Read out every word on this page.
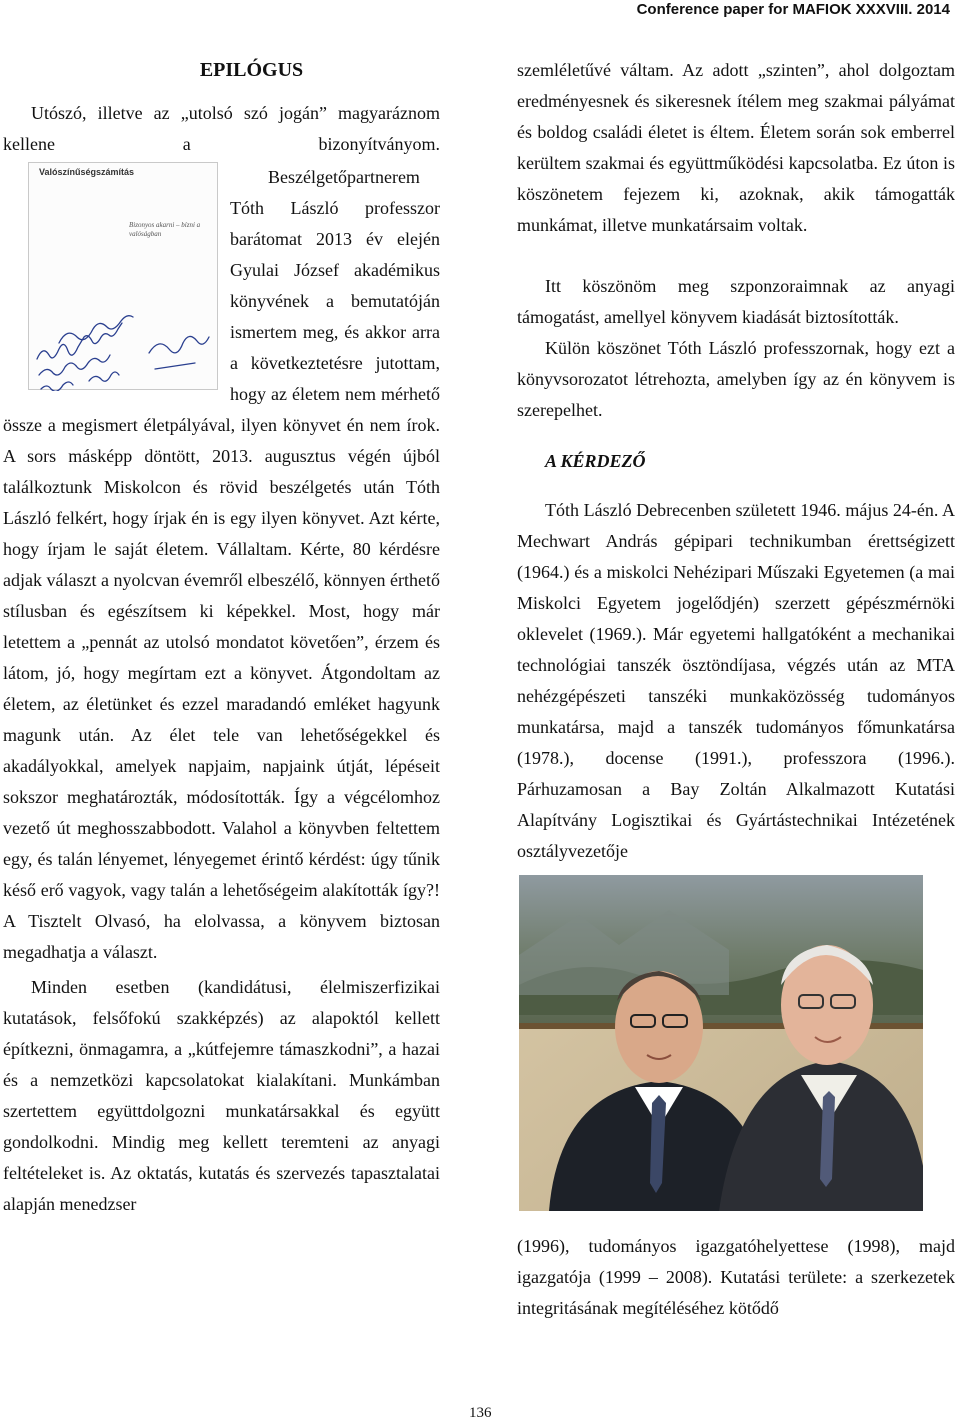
Conference paper for MAFIOK XXXVIII. 2014
EPILÓGUS

Utószó, illetve az „utolsó szó jogán” magyaráznom kellene a bizonyítványom.

Valószínűségszámítás
Bizonyos akarni – bízni a valóságban

Beszélgetőpartnerem Tóth László professzor barátomat 2013 év elején Gyulai József akadémikus könyvének a bemutatóján ismertem meg, és akkor arra a következtetésre jutottam, hogy az életem nem mérhető össze a megismert életpályával, ilyen könyvet én nem írok. A sors másképp döntött, 2013. augusztus végén újból találkoztunk Miskolcon és rövid beszélgetés után Tóth László felkért, hogy írjak én is egy ilyen könyvet. Azt kérte, hogy írjam le saját életem. Vállaltam. Kérte, 80 kérdésre adjak választ a nyolcvan évemről elbeszélő, könnyen érthető stílusban és egészítsem ki képekkel. Most, hogy már letettem a „pennát az utolsó mondatot követően”, érzem és látom, jó, hogy megírtam ezt a könyvet. Átgondoltam az életem, az életünket és ezzel maradandó emléket hagyunk magunk után. Az élet tele van lehetőségekkel és akadályokkal, amelyek napjaim, napjaink útját, lépéseit sokszor meghatározták, módosították. Így a végcélomhoz vezető út meghosszabbodott. Valahol a könyvben feltettem egy, és talán lényemet, lényegemet érintő kérdést: úgy tűnik késő erő vagyok, vagy talán a lehetőségeim alakították így?! A Tisztelt Olvasó, ha elolvassa, a könyvem biztosan megadhatja a választ.

Minden esetben (kandidátusi, élelmiszerfizikai kutatások, felsőfokú szakképzés) az alapoktól kellett építkezni, önmagamra, a „kútfejemre támaszkodni”, a hazai és a nemzetközi kapcsolatokat kialakítani. Munkámban szertettem együttdolgozni munkatársakkal és együtt gondolkodni. Mindig meg kellett teremteni az anyagi feltételeket is. Az oktatás, kutatás és szervezés tapasztalatai alapján menedzser

szemléletűvé váltam. Az adott „szinten”, ahol dolgoztam eredményesnek és sikeresnek ítélem meg szakmai pályámat és boldog családi életet is éltem. Életem során sok emberrel kerültem szakmai és együttműködési kapcsolatba. Ez úton is köszönetem fejezem ki, azoknak, akik támogatták munkámat, illetve munkatársaim voltak.

Itt köszönöm meg szponzoraimnak az anyagi támogatást, amellyel könyvem kiadását biztosították.

Külön köszönet Tóth László professzornak, hogy ezt a könyvsorozatot létrehozta, amelyben így az én könyvem is szerepelhet.

A KÉRDEZŐ

Tóth László Debrecenben született 1946. május 24-én. A Mechwart András gépipari technikumban érettségizett (1964.) és a miskolci Nehézipari Műszaki Egyetemen (a mai Miskolci Egyetem jogelődjén) szerzett gépészmérnöki oklevelet (1969.). Már egyetemi hallgatóként a mechanikai technológiai tanszék ösztöndíjasa, végzés után az MTA nehézgépészeti tanszéki munkaközösség tudományos munkatársa, majd a tanszék tudományos főmunkatársa (1978.), docense (1991.), professzora (1996.). Párhuzamosan a Bay Zoltán Alkalmazott Kutatási Alapítvány Logisztikai és Gyártástechnikai Intézetének osztályvezetője

(1996), tudományos igazgatóhelyettese (1998), majd igazgatója (1999 – 2008). Kutatási területe: a szerkezetek integritásának megítéléséhez kötődő

136
